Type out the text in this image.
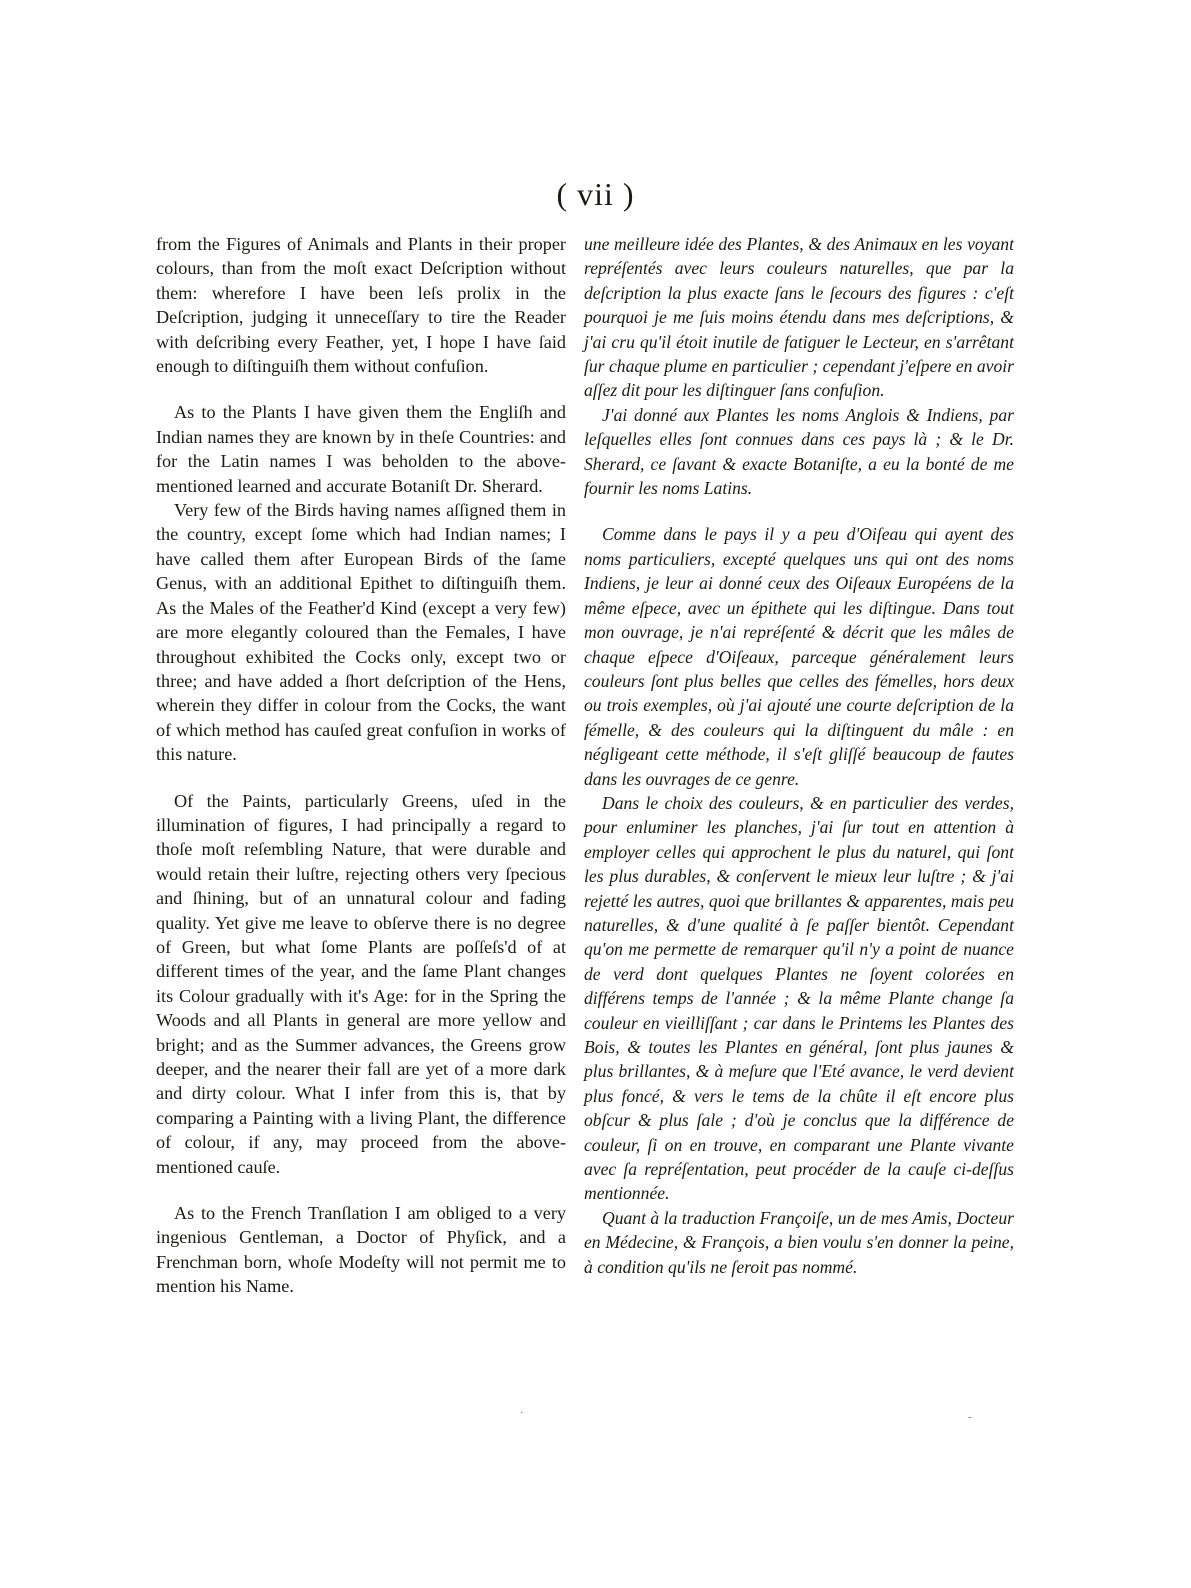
( vii )

from the Figures of Animals and Plants in their proper colours, than from the moſt exact Deſcription without them: wherefore I have been leſs prolix in the Deſcription, judging it unneceſſary to tire the Reader with deſcribing every Feather, yet, I hope I have ſaid enough to diſtinguiſh them without confuſion.

As to the Plants I have given them the Engliſh and Indian names they are known by in theſe Countries: and for the Latin names I was beholden to the above-mentioned learned and accurate Botaniſt Dr. Sherard.

Very few of the Birds having names aſſigned them in the country, except ſome which had Indian names; I have called them after European Birds of the ſame Genus, with an additional Epithet to diſtinguiſh them. As the Males of the Feather'd Kind (except a very few) are more elegantly coloured than the Females, I have throughout exhibited the Cocks only, except two or three; and have added a ſhort deſcription of the Hens, wherein they differ in colour from the Cocks, the want of which method has cauſed great confuſion in works of this nature.

Of the Paints, particularly Greens, uſed in the illumination of figures, I had principally a regard to thoſe moſt reſembling Nature, that were durable and would retain their luſtre, rejecting others very ſpecious and ſhining, but of an unnatural colour and fading quality. Yet give me leave to obſerve there is no degree of Green, but what ſome Plants are poſſeſs'd of at different times of the year, and the ſame Plant changes its Colour gradually with it's Age: for in the Spring the Woods and all Plants in general are more yellow and bright; and as the Summer advances, the Greens grow deeper, and the nearer their fall are yet of a more dark and dirty colour. What I infer from this is, that by comparing a Painting with a living Plant, the difference of colour, if any, may proceed from the above-mentioned cauſe.

As to the French Tranſlation I am obliged to a very ingenious Gentleman, a Doctor of Phyſick, and a Frenchman born, whoſe Modeſty will not permit me to mention his Name.

une meilleure idée des Plantes, & des Animaux en les voyant repréſentés avec leurs couleurs naturelles, que par la deſcription la plus exacte ſans le ſecours des figures : c'eſt pourquoi je me ſuis moins étendu dans mes deſcriptions, & j'ai cru qu'il étoit inutile de fatiguer le Lecteur, en s'arrêtant ſur chaque plume en particulier ; cependant j'eſpere en avoir aſſez dit pour les diſtinguer ſans confuſion.

J'ai donné aux Plantes les noms Anglois & Indiens, par leſquelles elles ſont connues dans ces pays là ; & le Dr. Sherard, ce ſavant & exacte Botaniſte, a eu la bonté de me fournir les noms Latins.

Comme dans le pays il y a peu d'Oiſeau qui ayent des noms particuliers, excepté quelques uns qui ont des noms Indiens, je leur ai donné ceux des Oiſeaux Européens de la même eſpece, avec un épithete qui les diſtingue. Dans tout mon ouvrage, je n'ai repréſenté & décrit que les mâles de chaque eſpece d'Oiſeaux, parceque généralement leurs couleurs ſont plus belles que celles des fémelles, hors deux ou trois exemples, où j'ai ajouté une courte deſcription de la fémelle, & des couleurs qui la diſtinguent du mâle : en négligeant cette méthode, il s'eſt gliſſé beaucoup de fautes dans les ouvrages de ce genre.

Dans le choix des couleurs, & en particulier des verdes, pour enluminer les planches, j'ai ſur tout en attention à employer celles qui approchent le plus du naturel, qui ſont les plus durables, & conſervent le mieux leur luſtre ; & j'ai rejetté les autres, quoi que brillantes & apparentes, mais peu naturelles, & d'une qualité à ſe paſſer bientôt. Cependant qu'on me permette de remarquer qu'il n'y a point de nuance de verd dont quelques Plantes ne ſoyent colorées en différens temps de l'année ; & la même Plante change ſa couleur en vieilliſſant ; car dans le Printems les Plantes des Bois, & toutes les Plantes en général, ſont plus jaunes & plus brillantes, & à meſure que l'Eté avance, le verd devient plus foncé, & vers le tems de la chûte il eſt encore plus obſcur & plus ſale ; d'où je conclus que la différence de couleur, ſi on en trouve, en comparant une Plante vivante avec ſa repréſentation, peut procéder de la cauſe ci-deſſus mentionnée.

Quant à la traduction Françoiſe, un de mes Amis, Docteur en Médecine, & François, a bien voulu s'en donner la peine, à condition qu'ils ne ſeroit pas nommé.

·	-
